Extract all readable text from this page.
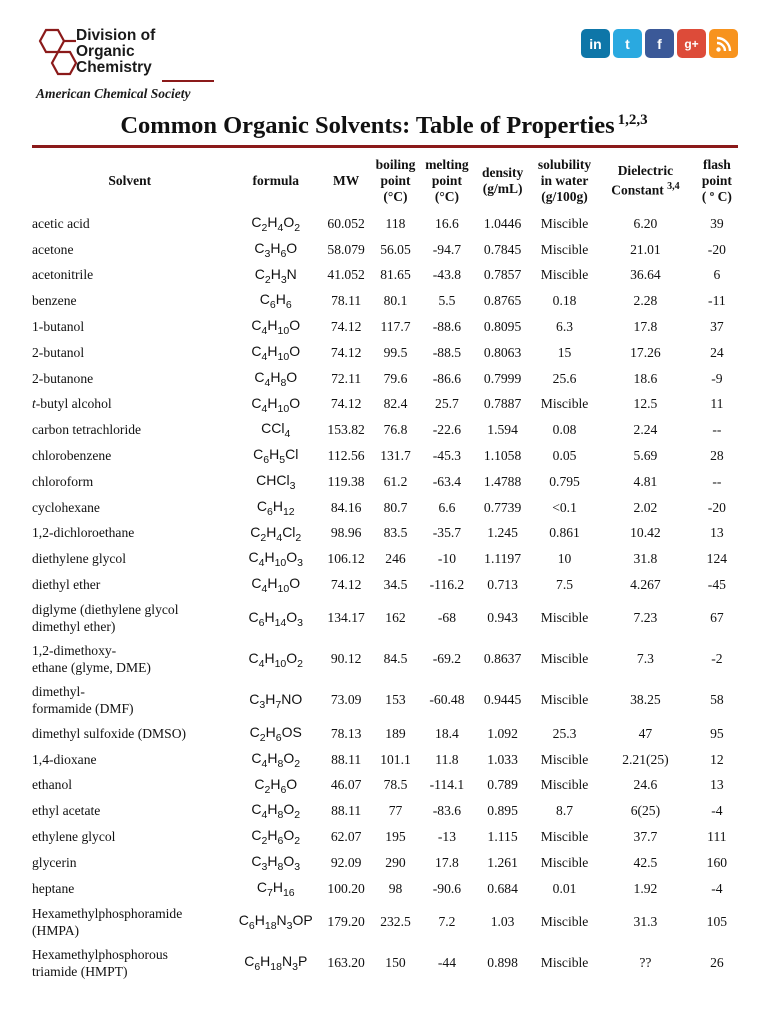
Division of
Organic
Chemistry
American Chemical Society
in	t	f	g+
Common Organic Solvents: Table of Properties $^{1,2,3}$
Solvent	formula	MW	boiling
point
(°C)	melting
point
(°C)	density
(g/mL)	solubility
in water
(g/100g)	Dielectric
Constant $^{3,4}$	flash
point
( º C)
acetic acid	$C_2H_4O_2$	60.052	118	16.6	1.0446	Miscible	6.20	39
acetone	$C_3H_6O$	58.079	56.05	-94.7	0.7845	Miscible	21.01	-20
acetonitrile	$C_2H_3N$	41.052	81.65	-43.8	0.7857	Miscible	36.64	6
benzene	$C_6H_6$	78.11	80.1	5.5	0.8765	0.18	2.28	-11
1-butanol	$C_4H_{10}O$	74.12	117.7	-88.6	0.8095	6.3	17.8	37
2-butanol	$C_4H_{10}O$	74.12	99.5	-88.5	0.8063	15	17.26	24
2-butanone	$C_4H_8O$	72.11	79.6	-86.6	0.7999	25.6	18.6	-9
t-butyl alcohol	$C_4H_{10}O$	74.12	82.4	25.7	0.7887	Miscible	12.5	11
carbon tetrachloride	CCl$_4$	153.82	76.8	-22.6	1.594	0.08	2.24	--
chlorobenzene	$C_6H_5Cl$	112.56	131.7	-45.3	1.1058	0.05	5.69	28
chloroform	CHCl$_3$	119.38	61.2	-63.4	1.4788	0.795	4.81	--
cyclohexane	$C_6H_{12}$	84.16	80.7	6.6	0.7739	<0.1	2.02	-20
1,2-dichloroethane	$C_2H_4Cl_2$	98.96	83.5	-35.7	1.245	0.861	10.42	13
diethylene glycol	$C_4H_{10}O_3$	106.12	246	-10	1.1197	10	31.8	124
diethyl ether	$C_4H_{10}O$	74.12	34.5	-116.2	0.713	7.5	4.267	-45
diglyme (diethylene glycol
dimethyl ether)	$C_6H_{14}O_3$	134.17	162	-68	0.943	Miscible	7.23	67
1,2-dimethoxy-
ethane (glyme, DME)	$C_4H_{10}O_2$	90.12	84.5	-69.2	0.8637	Miscible	7.3	-2
dimethyl-
formamide (DMF)	$C_3H_7NO$	73.09	153	-60.48	0.9445	Miscible	38.25	58
dimethyl sulfoxide (DMSO)	$C_2H_6OS$	78.13	189	18.4	1.092	25.3	47	95
1,4-dioxane	$C_4H_8O_2$	88.11	101.1	11.8	1.033	Miscible	2.21(25)	12
ethanol	$C_2H_6O$	46.07	78.5	-114.1	0.789	Miscible	24.6	13
ethyl acetate	$C_4H_8O_2$	88.11	77	-83.6	0.895	8.7	6(25)	-4
ethylene glycol	$C_2H_6O_2$	62.07	195	-13	1.115	Miscible	37.7	111
glycerin	$C_3H_8O_3$	92.09	290	17.8	1.261	Miscible	42.5	160
heptane	$C_7H_{16}$	100.20	98	-90.6	0.684	0.01	1.92	-4
Hexamethylphosphoramide
(HMPA)	$C_6H_{18}N_3OP$	179.20	232.5	7.2	1.03	Miscible	31.3	105
Hexamethylphosphorous
triamide (HMPT)	$C_6H_{18}N_3P$	163.20	150	-44	0.898	Miscible	??	26
